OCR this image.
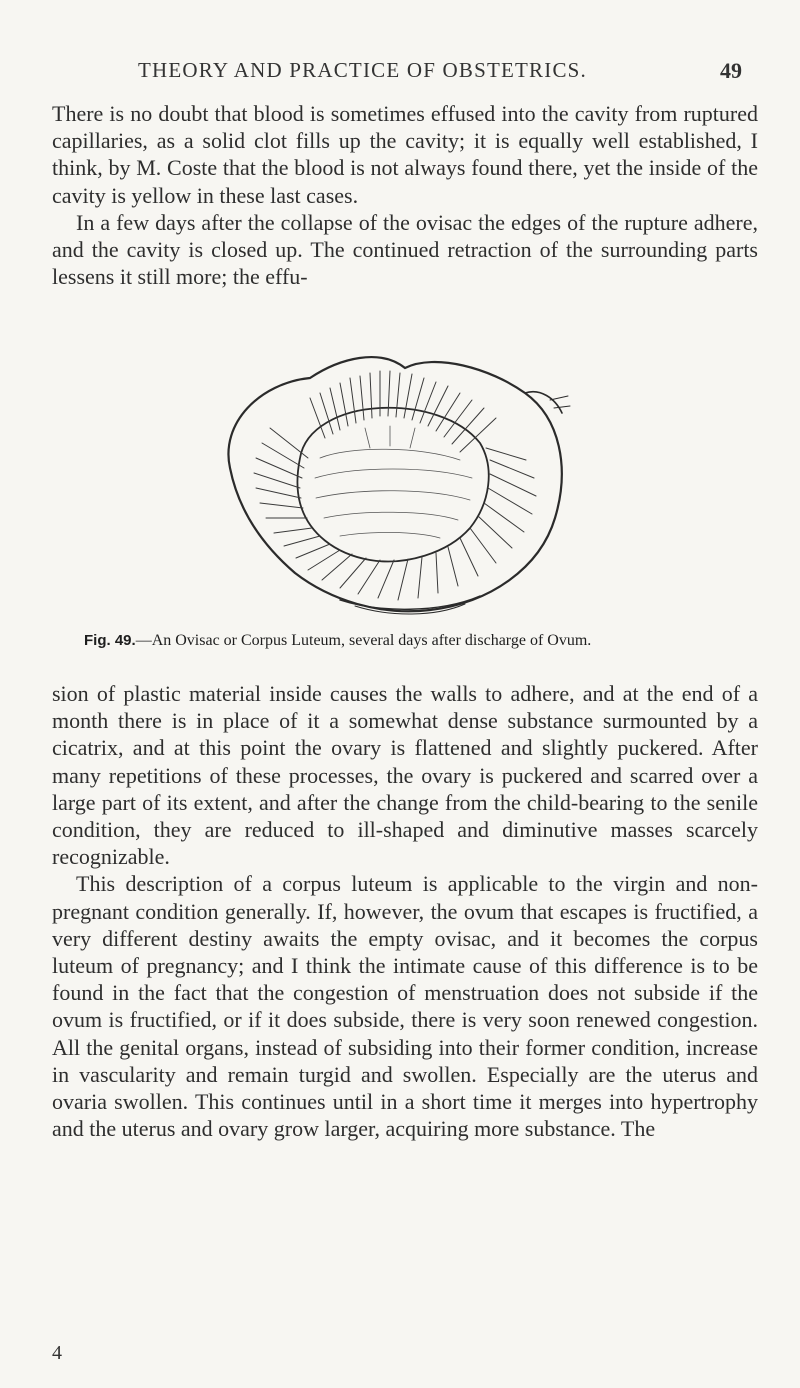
THEORY AND PRACTICE OF OBSTETRICS.	49

There is no doubt that blood is sometimes effused into the cavity from ruptured capillaries, as a solid clot fills up the cavity; it is equally well established, I think, by M. Coste that the blood is not always found there, yet the inside of the cavity is yellow in these last cases.

In a few days after the collapse of the ovisac the edges of the rupture adhere, and the cavity is closed up. The continued retraction of the surrounding parts lessens it still more; the effu-

Fig. 49.—An Ovisac or Corpus Luteum, several days after discharge of Ovum.

sion of plastic material inside causes the walls to adhere, and at the end of a month there is in place of it a somewhat dense substance surmounted by a cicatrix, and at this point the ovary is flattened and slightly puckered. After many repetitions of these processes, the ovary is puckered and scarred over a large part of its extent, and after the change from the child-bearing to the senile condition, they are reduced to ill-shaped and diminutive masses scarcely recognizable.

This description of a corpus luteum is applicable to the virgin and non-pregnant condition generally. If, however, the ovum that escapes is fructified, a very different destiny awaits the empty ovisac, and it becomes the corpus luteum of pregnancy; and I think the intimate cause of this difference is to be found in the fact that the congestion of menstruation does not subside if the ovum is fructified, or if it does subside, there is very soon renewed congestion. All the genital organs, instead of subsiding into their former condition, increase in vascularity and remain turgid and swollen. Especially are the uterus and ovaria swollen. This continues until in a short time it merges into hypertrophy and the uterus and ovary grow larger, acquiring more substance. The

4
